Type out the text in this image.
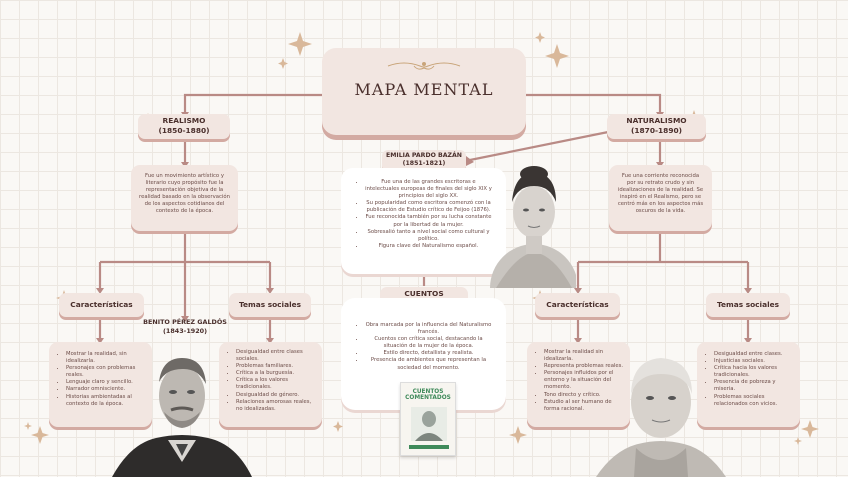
MAPA MENTAL
REALISMO
(1850-1880)
Fue un movimiento artístico y literario cuyo propósito fue la representación objetiva de la realidad basado en la observación de los aspectos cotidianos del contexto de la época.
NATURALISMO
(1870-1890)
Fue una corriente reconocida por su retrato crudo y sin idealizaciones de la realidad. Se inspiró en el Realismo, pero se centró más en los aspectos más oscuros de la vida.
EMILIA PARDO BAZÁN
(1851-1821)
• Fue una de las grandes escritoras e intelectuales europeas de finales del siglo XIX y principios del siglo XX.
• Su popularidad como escritora comenzó con la publicación de Estudio crítico de Feijoo (1876).
• Fue reconocida también por su lucha constante por la libertad de la mujer.
• Sobresalió tanto a nivel social como cultural y político.
• Figura clave del Naturalismo español.
Características	Temas sociales
BENITO PÉREZ GALDÓS
(1843-1920)
• Mostrar la realidad, sin idealizarla.
• Personajes con problemas reales.
• Lenguaje claro y sencillo.
• Narrador omnisciente.
• Historias ambientadas al contexto de la época.
• Desigualdad entre clases sociales.
• Problemas familiares.
• Crítica a la burguesía.
• Crítica a los valores tradicionales.
• Desigualdad de género.
• Relaciones amorosas reales, no idealizadas.
Características	Temas sociales
• Mostrar la realidad sin idealizarla.
• Representa problemas reales.
• Personajes influidos por el entorno y la situación del momento.
• Tono directo y crítico.
• Estudio al ser humano de forma racional.
• Desigualdad entre clases.
• Injusticias sociales.
• Crítica hacia los valores tradicionales.
• Presencia de pobreza y miseria.
• Problemas sociales relacionados con vicios.
CUENTOS
• Obra marcada por la influencia del Naturalismo francés.
• Cuentos con crítica social, destacando la situación de la mujer de la época.
• Estilo directo, detallista y realista.
• Presencia de ambientes que representan la sociedad del momento.
CUENTOS
COMENTADOS
